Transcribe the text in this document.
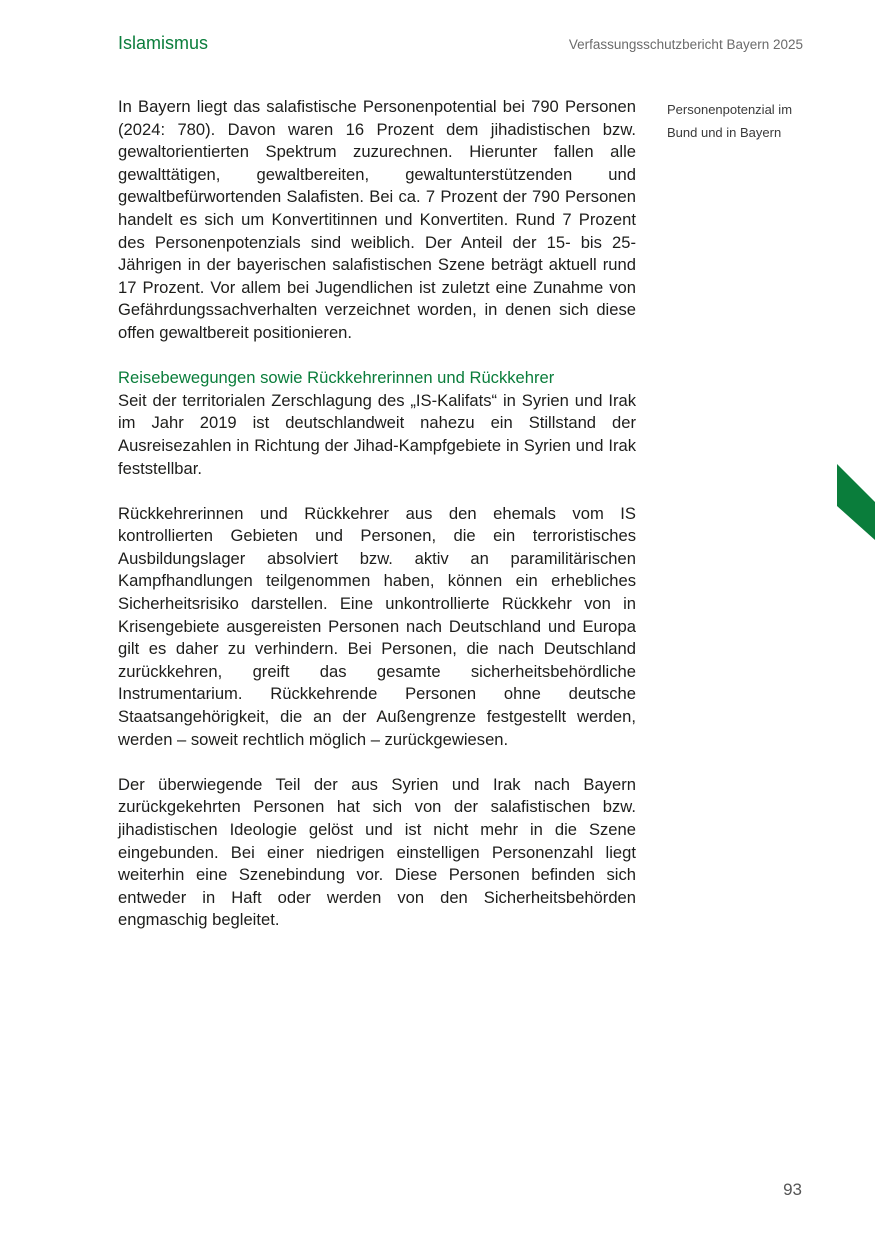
Islamismus	Verfassungsschutzbericht Bayern 2025

In Bayern liegt das salafistische Personenpotential bei 790 Personen (2024: 780). Davon waren 16 Prozent dem jihadistischen bzw. gewaltorientierten Spektrum zuzurechnen. Hierunter fallen alle gewalttätigen, gewaltbereiten, gewaltunterstützenden und gewaltbefürwortenden Salafisten. Bei ca. 7 Prozent der 790 Personen handelt es sich um Konvertitinnen und Konvertiten. Rund 7 Prozent des Personenpotenzials sind weiblich. Der Anteil der 15- bis 25-Jährigen in der bayerischen salafistischen Szene beträgt aktuell rund 17 Prozent. Vor allem bei Jugendlichen ist zuletzt eine Zunahme von Gefährdungssachverhalten verzeichnet worden, in denen sich diese offen gewaltbereit positionieren.

Reisebewegungen sowie Rückkehrerinnen und Rückkehrer

Seit der territorialen Zerschlagung des „IS-Kalifats“ in Syrien und Irak im Jahr 2019 ist deutschlandweit nahezu ein Stillstand der Ausreisezahlen in Richtung der Jihad-Kampfgebiete in Syrien und Irak feststellbar.

Rückkehrerinnen und Rückkehrer aus den ehemals vom IS kontrollierten Gebieten und Personen, die ein terroristisches Ausbildungslager absolviert bzw. aktiv an paramilitärischen Kampfhandlungen teilgenommen haben, können ein erhebliches Sicherheitsrisiko darstellen. Eine unkontrollierte Rückkehr von in Krisengebiete ausgereisten Personen nach Deutschland und Europa gilt es daher zu verhindern. Bei Personen, die nach Deutschland zurückkehren, greift das gesamte sicherheitsbehördliche Instrumentarium. Rückkehrende Personen ohne deutsche Staatsangehörigkeit, die an der Außengrenze festgestellt werden, werden – soweit rechtlich möglich – zurückgewiesen.

Der überwiegende Teil der aus Syrien und Irak nach Bayern zurückgekehrten Personen hat sich von der salafistischen bzw. jihadistischen Ideologie gelöst und ist nicht mehr in die Szene eingebunden. Bei einer niedrigen einstelligen Personenzahl liegt weiterhin eine Szenebindung vor. Diese Personen befinden sich entweder in Haft oder werden von den Sicherheitsbehörden engmaschig begleitet.

Personenpotenzial im Bund und in Bayern
93
